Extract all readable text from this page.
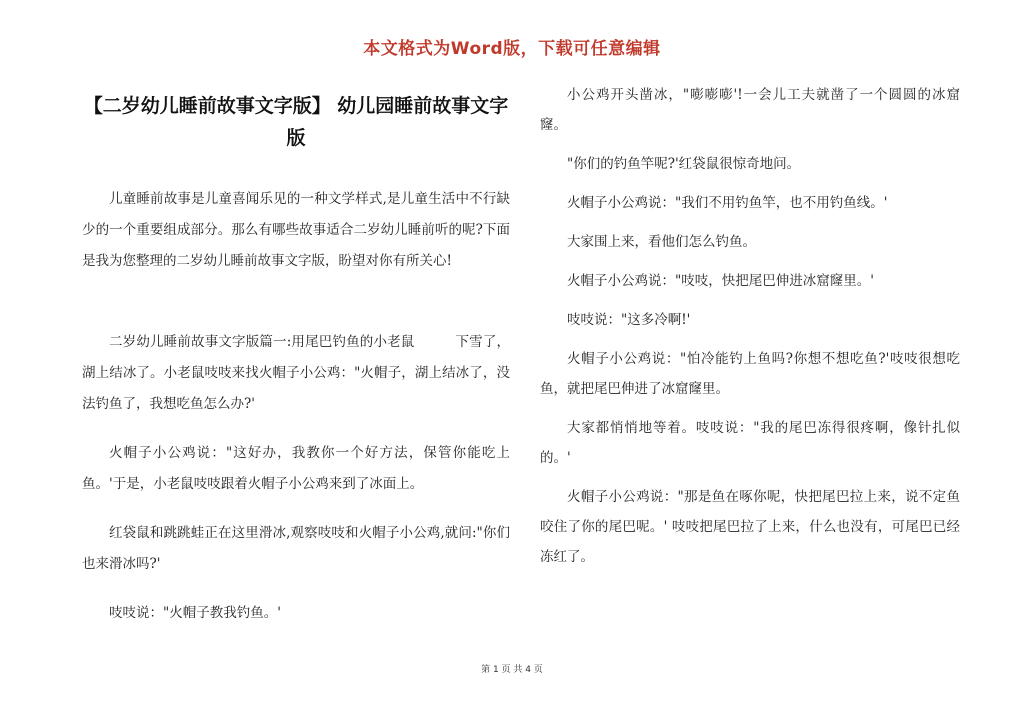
本文格式为Word版，下载可任意编辑
【二岁幼儿睡前故事文字版】 幼儿园睡前故事文字版

儿童睡前故事是儿童喜闻乐见的一种文学样式,是儿童生活中不行缺少的一个重要组成部分。那么有哪些故事适合二岁幼儿睡前听的呢?下面是我为您整理的二岁幼儿睡前故事文字版，盼望对你有所关心!

二岁幼儿睡前故事文字版篇一:用尾巴钓鱼的小老鼠　　　下雪了，湖上结冰了。小老鼠吱吱来找火帽子小公鸡："火帽子，湖上结冰了，没法钓鱼了，我想吃鱼怎么办?'

火帽子小公鸡说："这好办，我教你一个好方法，保管你能吃上鱼。'于是，小老鼠吱吱跟着火帽子小公鸡来到了冰面上。

红袋鼠和跳跳蛙正在这里滑冰,观察吱吱和火帽子小公鸡,就问:"你们也来滑冰吗?'

吱吱说："火帽子教我钓鱼。'

小公鸡开头凿冰，"嘭嘭嘭'!一会儿工夫就凿了一个圆圆的冰窟窿。

"你们的钓鱼竿呢?'红袋鼠很惊奇地问。

火帽子小公鸡说："我们不用钓鱼竿，也不用钓鱼线。'

大家围上来，看他们怎么钓鱼。

火帽子小公鸡说："吱吱，快把尾巴伸进冰窟窿里。'

吱吱说："这多冷啊!'

火帽子小公鸡说："怕冷能钓上鱼吗?你想不想吃鱼?'吱吱很想吃鱼，就把尾巴伸进了冰窟窿里。

大家都悄悄地等着。吱吱说："我的尾巴冻得很疼啊，像针扎似的。'

火帽子小公鸡说："那是鱼在啄你呢，快把尾巴拉上来，说不定鱼咬住了你的尾巴呢。' 吱吱把尾巴拉了上来，什么也没有，可尾巴已经冻红了。

第 1 页 共 4 页
